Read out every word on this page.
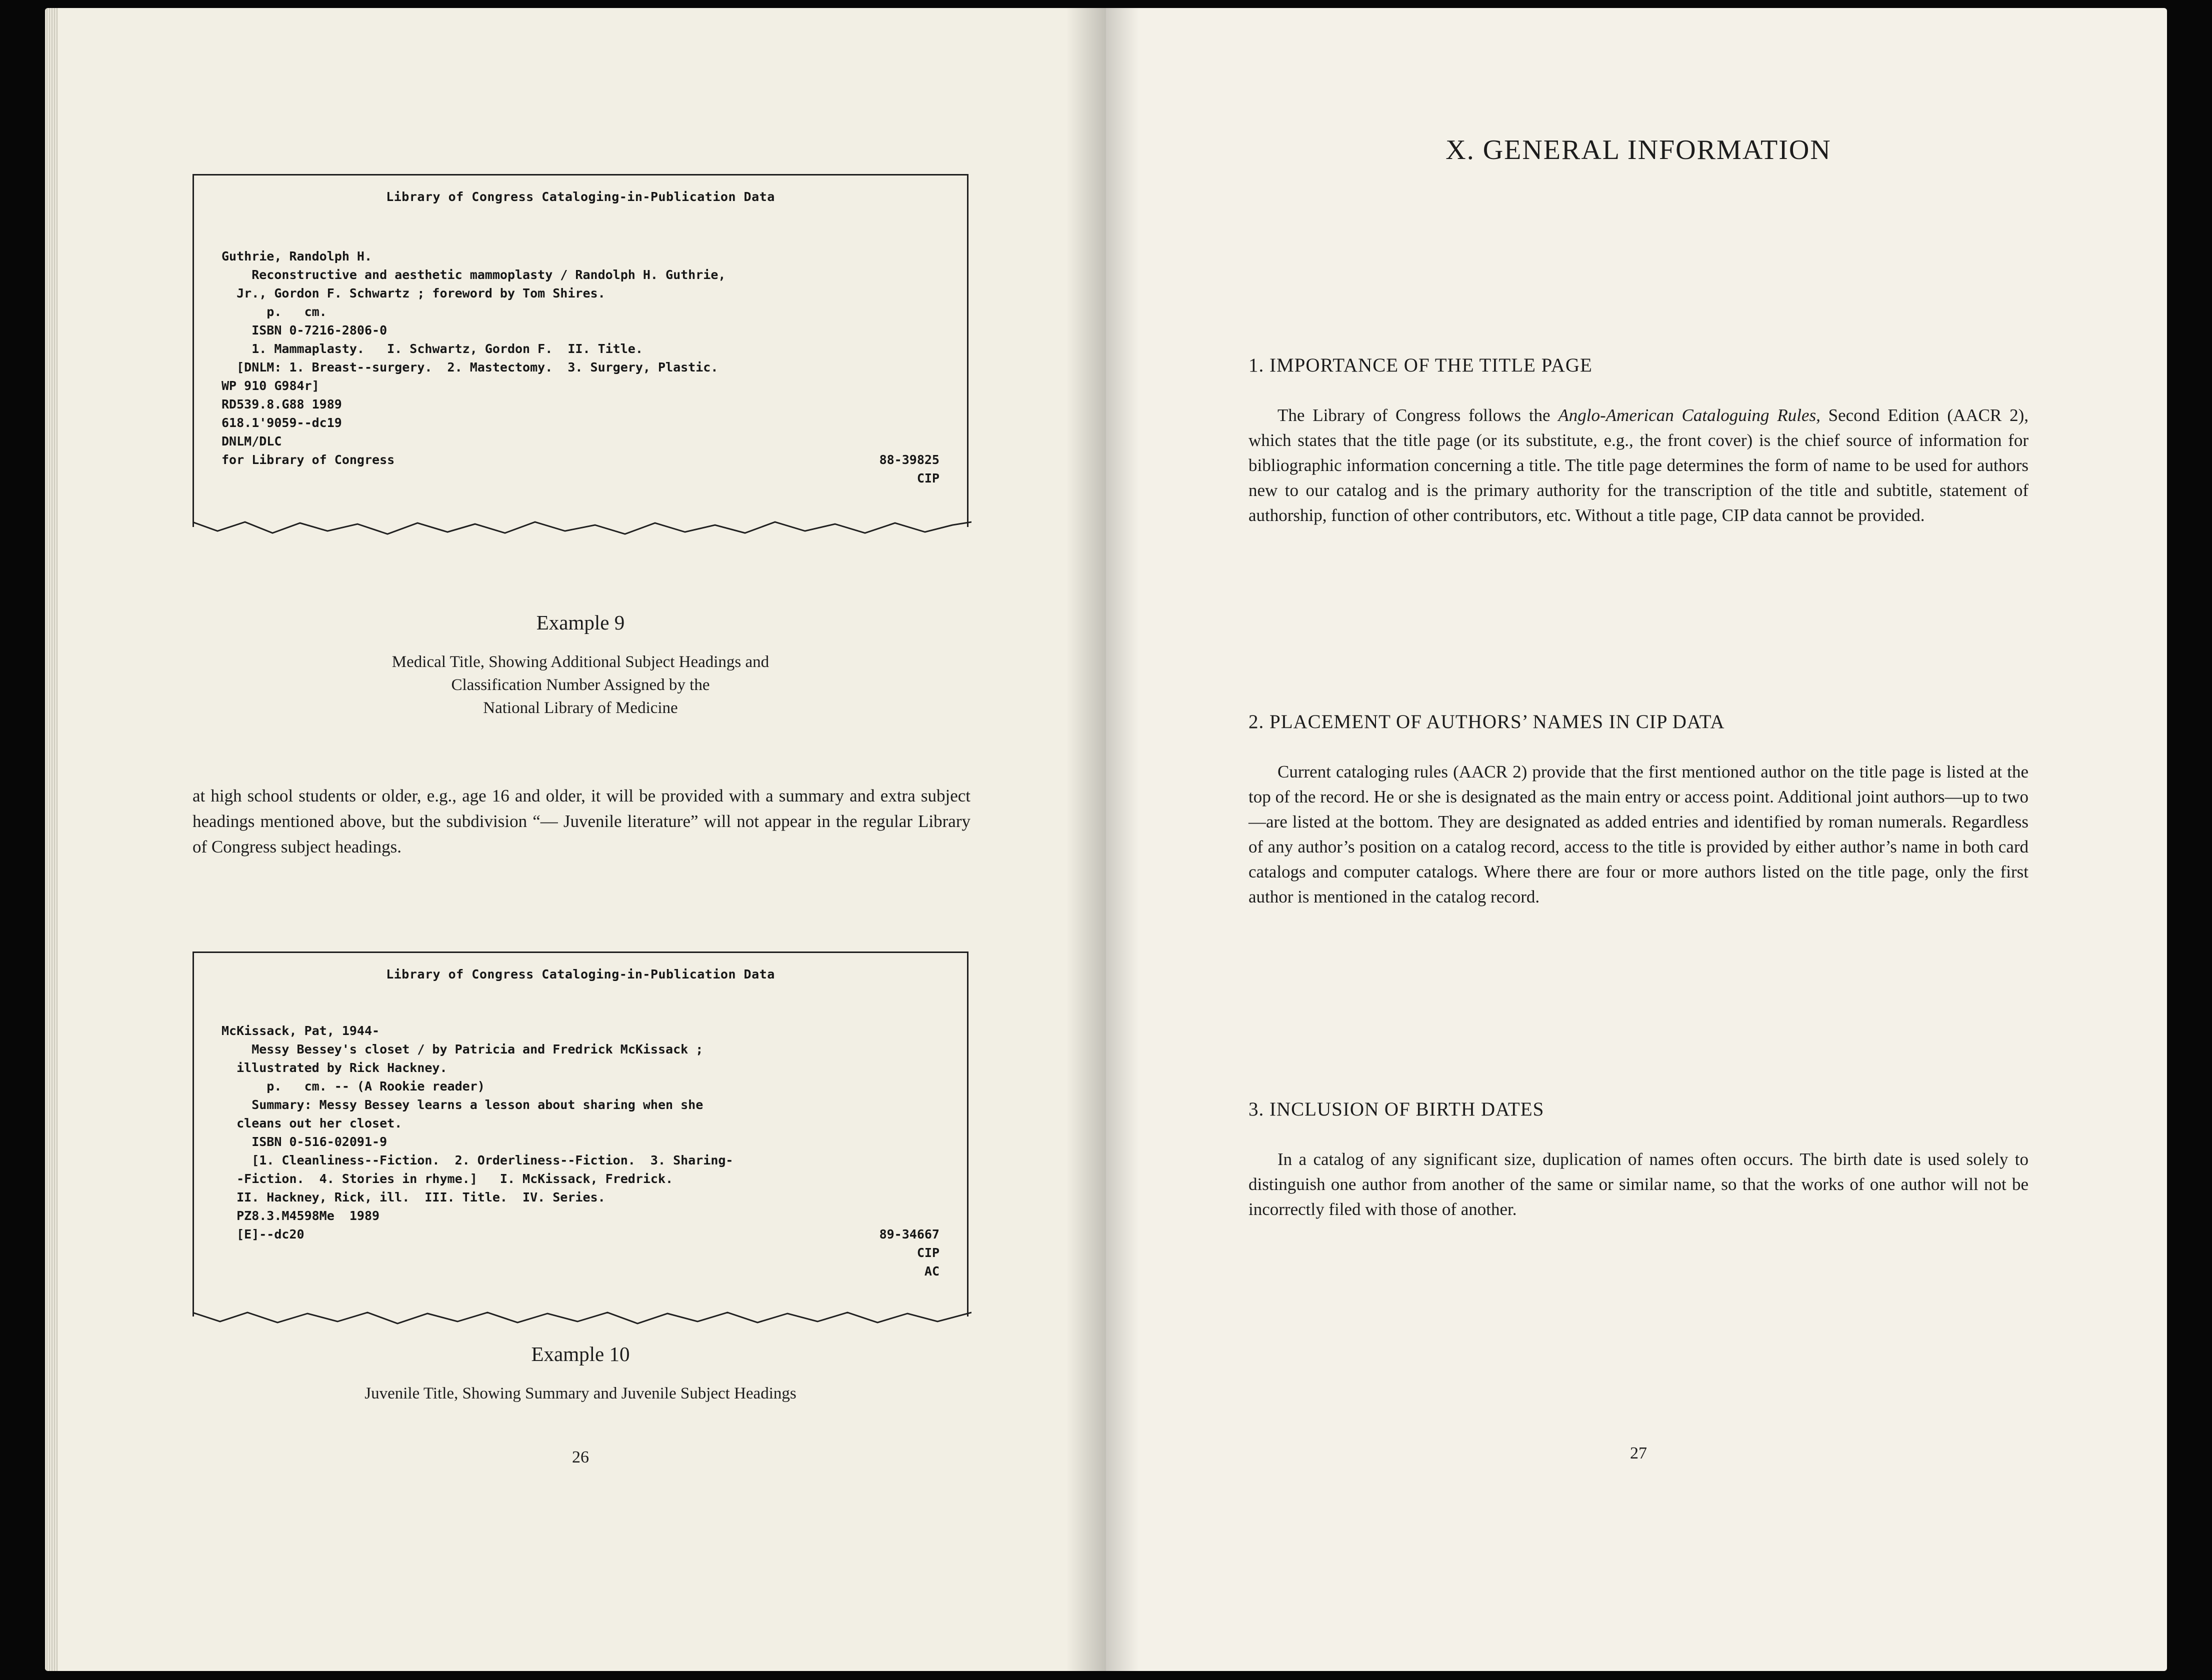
Library of Congress Cataloging-in-Publication Data
Guthrie, Randolph H.
Reconstructive and aesthetic mammoplasty / Randolph H. Guthrie,
Jr., Gordon F. Schwartz ; foreword by Tom Shires.
p.   cm.
ISBN 0-7216-2806-0
1. Mammaplasty.   I. Schwartz, Gordon F.  II. Title.
[DNLM: 1. Breast--surgery.  2. Mastectomy.  3. Surgery, Plastic.
WP 910 G984r]
RD539.8.G88 1989
618.1'9059--dc19
DNLM/DLC
for Library of Congress	88-39825
CIP
Example 9
Medical Title, Showing Additional Subject Headings and
Classification Number Assigned by the
National Library of Medicine
at high school students or older, e.g., age 16 and older, it will be provided with a summary and extra subject headings mentioned above, but the subdivision “— Juvenile literature” will not appear in the regular Library of Congress subject headings.
Library of Congress Cataloging-in-Publication Data
McKissack, Pat, 1944-
Messy Bessey's closet / by Patricia and Fredrick McKissack ;
illustrated by Rick Hackney.
p.   cm. -- (A Rookie reader)
Summary: Messy Bessey learns a lesson about sharing when she
cleans out her closet.
ISBN 0-516-02091-9
[1. Cleanliness--Fiction.  2. Orderliness--Fiction.  3. Sharing-
-Fiction.  4. Stories in rhyme.]   I. McKissack, Fredrick.
II. Hackney, Rick, ill.  III. Title.  IV. Series.
PZ8.3.M4598Me  1989
[E]--dc20	89-34667
CIP
AC
Example 10
Juvenile Title, Showing Summary and Juvenile Subject Headings
26
X. GENERAL INFORMATION
1. IMPORTANCE OF THE TITLE PAGE
The Library of Congress follows the Anglo-American Cataloguing Rules, Second Edition (AACR 2), which states that the title page (or its substitute, e.g., the front cover) is the chief source of information for bibliographic information concerning a title. The title page determines the form of name to be used for authors new to our catalog and is the primary authority for the transcription of the title and subtitle, statement of authorship, function of other contributors, etc. Without a title page, CIP data cannot be provided.
2. PLACEMENT OF AUTHORS’ NAMES IN CIP DATA
Current cataloging rules (AACR 2) provide that the first mentioned author on the title page is listed at the top of the record. He or she is designated as the main entry or access point. Additional joint authors—up to two—are listed at the bottom. They are designated as added entries and identified by roman numerals. Regardless of any author’s position on a catalog record, access to the title is provided by either author’s name in both card catalogs and computer catalogs. Where there are four or more authors listed on the title page, only the first author is mentioned in the catalog record.
3. INCLUSION OF BIRTH DATES
In a catalog of any significant size, duplication of names often occurs. The birth date is used solely to distinguish one author from another of the same or similar name, so that the works of one author will not be incorrectly filed with those of another.
27
